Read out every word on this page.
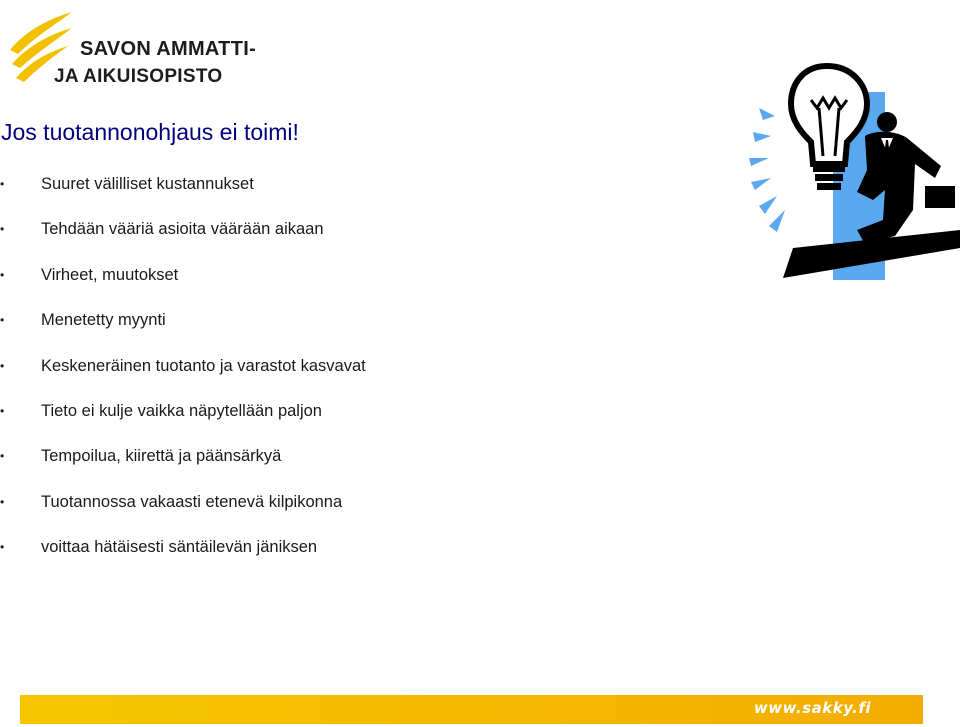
SAVON AMMATTI-
JA AIKUISOPISTO
Jos tuotannonohjaus ei toimi!
• Suuret välilliset kustannukset
• Tehdään vääriä asioita väärään aikaan
• Virheet, muutokset
• Menetetty myynti
• Keskeneräinen tuotanto ja varastot kasvavat
• Tieto ei kulje vaikka näpytellään paljon
• Tempoilua, kiirettä ja päänsärkyä
• Tuotannossa vakaasti etenevä kilpikonna
• voittaa hätäisesti säntäilevän jäniksen
www.sakky.fi
